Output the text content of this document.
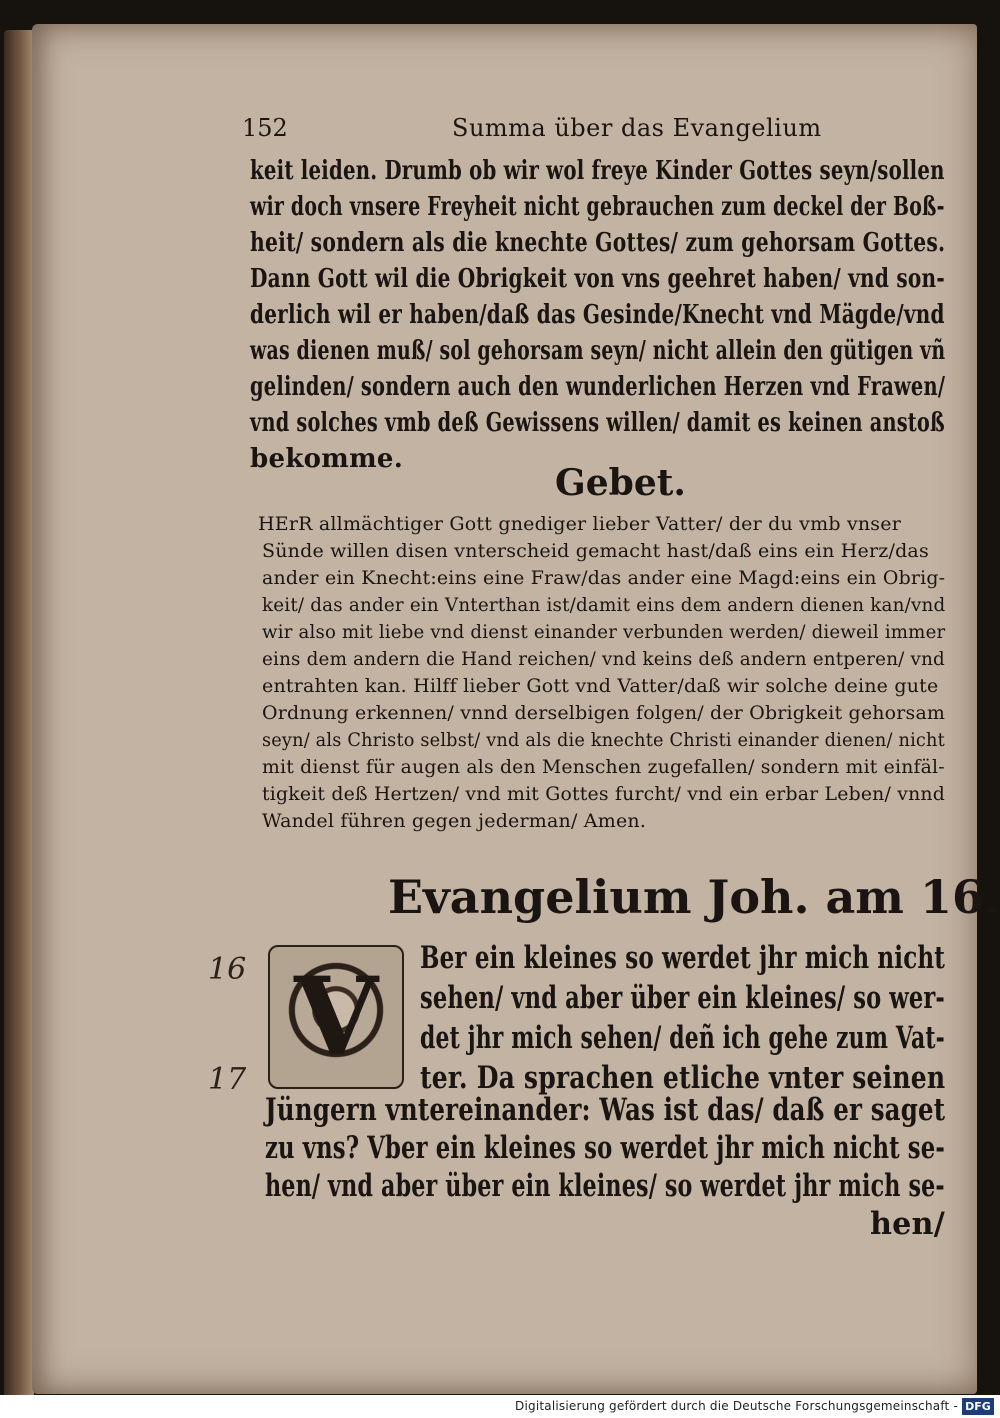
152	Summa über das Evangelium
keit leiden. Drumb ob wir wol freye Kinder Gottes seyn/sollen
wir doch vnsere Freyheit nicht gebrauchen zum deckel der Boß-
heit/ sondern als die knechte Gottes/ zum gehorsam Gottes.
Dann Gott wil die Obrigkeit von vns geehret haben/ vnd son-
derlich wil er haben/daß das Gesinde/Knecht vnd Mägde/vnd
was dienen muß/ sol gehorsam seyn/ nicht allein den gütigen vñ
gelinden/ sondern auch den wunderlichen Herzen vnd Frawen/
vnd solches vmb deß Gewissens willen/ damit es keinen anstoß
bekomme.
Gebet.
HErR allmächtiger Gott gnediger lieber Vatter/ der du vmb vnser
Sünde willen disen vnterscheid gemacht hast/daß eins ein Herz/das
ander ein Knecht:eins eine Fraw/das ander eine Magd:eins ein Obrig-
keit/ das ander ein Vnterthan ist/damit eins dem andern dienen kan/vnd
wir also mit liebe vnd dienst einander verbunden werden/ dieweil immer
eins dem andern die Hand reichen/ vnd keins deß andern entperen/ vnd
entrahten kan. Hilff lieber Gott vnd Vatter/daß wir solche deine gute
Ordnung erkennen/ vnnd derselbigen folgen/ der Obrigkeit gehorsam
seyn/ als Christo selbst/ vnd als die knechte Christi einander dienen/ nicht
mit dienst für augen als den Menschen zugefallen/ sondern mit einfäl-
tigkeit deß Hertzen/ vnd mit Gottes furcht/ vnd ein erbar Leben/ vnnd
Wandel führen gegen jederman/ Amen.
Evangelium Joh. am 16.
16
17 V Ber ein kleines so werdet jhr mich nicht
sehen/ vnd aber über ein kleines/ so wer-
det jhr mich sehen/ deñ ich gehe zum Vat-
ter. Da sprachen etliche vnter seinen
Jüngern vntereinander: Was ist das/ daß er saget
zu vns? Vber ein kleines so werdet jhr mich nicht se-
hen/ vnd aber über ein kleines/ so werdet jhr mich se-
hen/
Digitalisierung gefördert durch die Deutsche Forschungsgemeinschaft - DFG
